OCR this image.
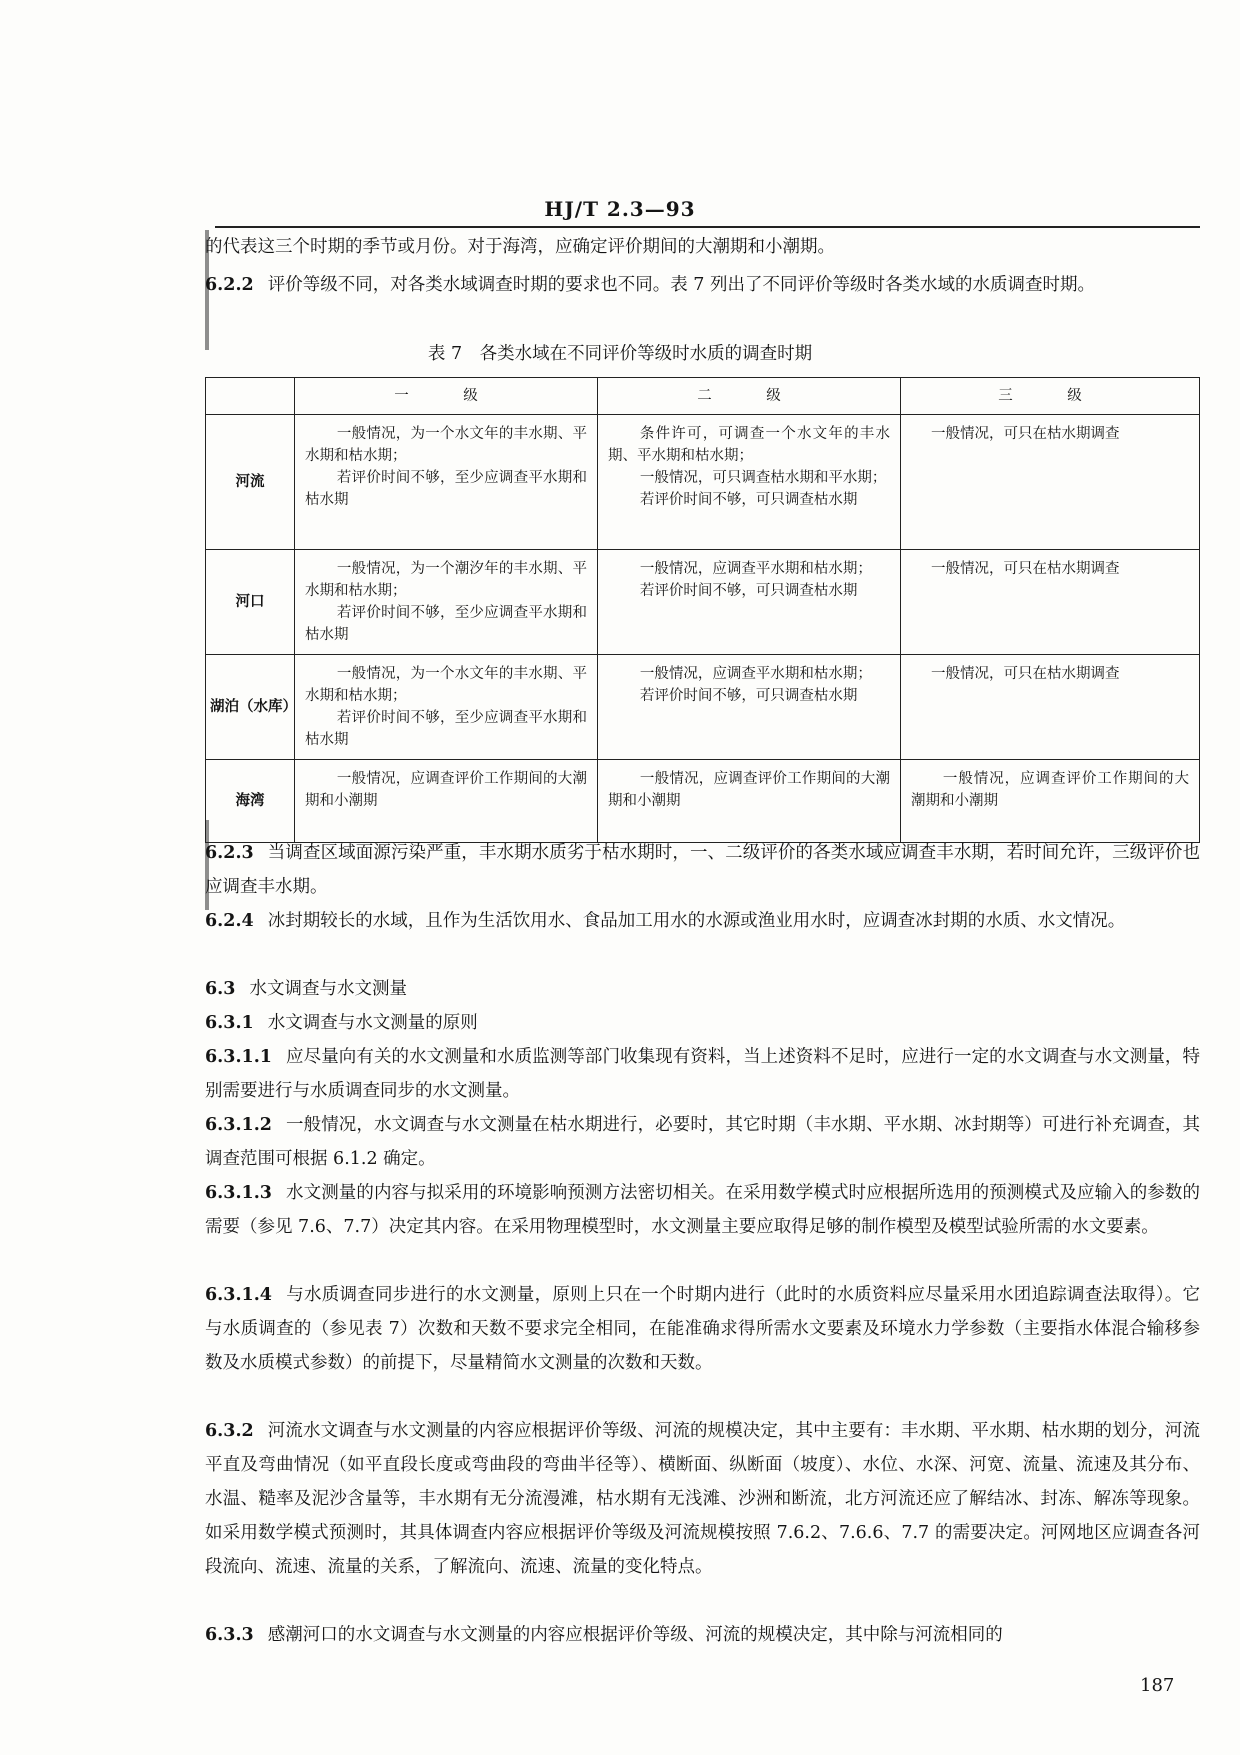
HJ/T 2.3—93
的代表这三个时期的季节或月份。对于海湾，应确定评价期间的大潮期和小潮期。
6.2.2 评价等级不同，对各类水域调查时期的要求也不同。表 7 列出了不同评价等级时各类水域的水质调查时期。
表 7　各类水域在不同评价等级时水质的调查时期
	一　级	二　级	三　级
河流	一般情况，为一个水文年的丰水期、平水期和枯水期；
若评价时间不够，至少应调查平水期和枯水期	条件许可，可调查一个水文年的丰水期、平水期和枯水期；
一般情况，可只调查枯水期和平水期；
若评价时间不够，可只调查枯水期	一般情况，可只在枯水期调查
河口	一般情况，为一个潮汐年的丰水期、平水期和枯水期；
若评价时间不够，至少应调查平水期和枯水期	一般情况，应调查平水期和枯水期；
若评价时间不够，可只调查枯水期	一般情况，可只在枯水期调查
湖泊（水库）	一般情况，为一个水文年的丰水期、平水期和枯水期；
若评价时间不够，至少应调查平水期和枯水期	一般情况，应调查平水期和枯水期；
若评价时间不够，可只调查枯水期	一般情况，可只在枯水期调查
海湾	一般情况，应调查评价工作期间的大潮期和小潮期	一般情况，应调查评价工作期间的大潮期和小潮期	一般情况，应调查评价工作期间的大潮期和小潮期
6.2.3 当调查区域面源污染严重，丰水期水质劣于枯水期时，一、二级评价的各类水域应调查丰水期，若时间允许，三级评价也应调查丰水期。
6.2.4 冰封期较长的水域，且作为生活饮用水、食品加工用水的水源或渔业用水时，应调查冰封期的水质、水文情况。
6.3 水文调查与水文测量
6.3.1 水文调查与水文测量的原则
6.3.1.1 应尽量向有关的水文测量和水质监测等部门收集现有资料，当上述资料不足时，应进行一定的水文调查与水文测量，特别需要进行与水质调查同步的水文测量。
6.3.1.2 一般情况，水文调查与水文测量在枯水期进行，必要时，其它时期（丰水期、平水期、冰封期等）可进行补充调查，其调查范围可根据 6.1.2 确定。
6.3.1.3 水文测量的内容与拟采用的环境影响预测方法密切相关。在采用数学模式时应根据所选用的预测模式及应输入的参数的需要（参见 7.6、7.7）决定其内容。在采用物理模型时，水文测量主要应取得足够的制作模型及模型试验所需的水文要素。
6.3.1.4 与水质调查同步进行的水文测量，原则上只在一个时期内进行（此时的水质资料应尽量采用水团追踪调查法取得）。它与水质调查的（参见表 7）次数和天数不要求完全相同，在能准确求得所需水文要素及环境水力学参数（主要指水体混合输移参数及水质模式参数）的前提下，尽量精简水文测量的次数和天数。
6.3.2 河流水文调查与水文测量的内容应根据评价等级、河流的规模决定，其中主要有：丰水期、平水期、枯水期的划分，河流平直及弯曲情况（如平直段长度或弯曲段的弯曲半径等）、横断面、纵断面（坡度）、水位、水深、河宽、流量、流速及其分布、水温、糙率及泥沙含量等，丰水期有无分流漫滩，枯水期有无浅滩、沙洲和断流，北方河流还应了解结冰、封冻、解冻等现象。如采用数学模式预测时，其具体调查内容应根据评价等级及河流规模按照 7.6.2、7.6.6、7.7 的需要决定。河网地区应调查各河段流向、流速、流量的关系，了解流向、流速、流量的变化特点。
6.3.3 感潮河口的水文调查与水文测量的内容应根据评价等级、河流的规模决定，其中除与河流相同的
187
